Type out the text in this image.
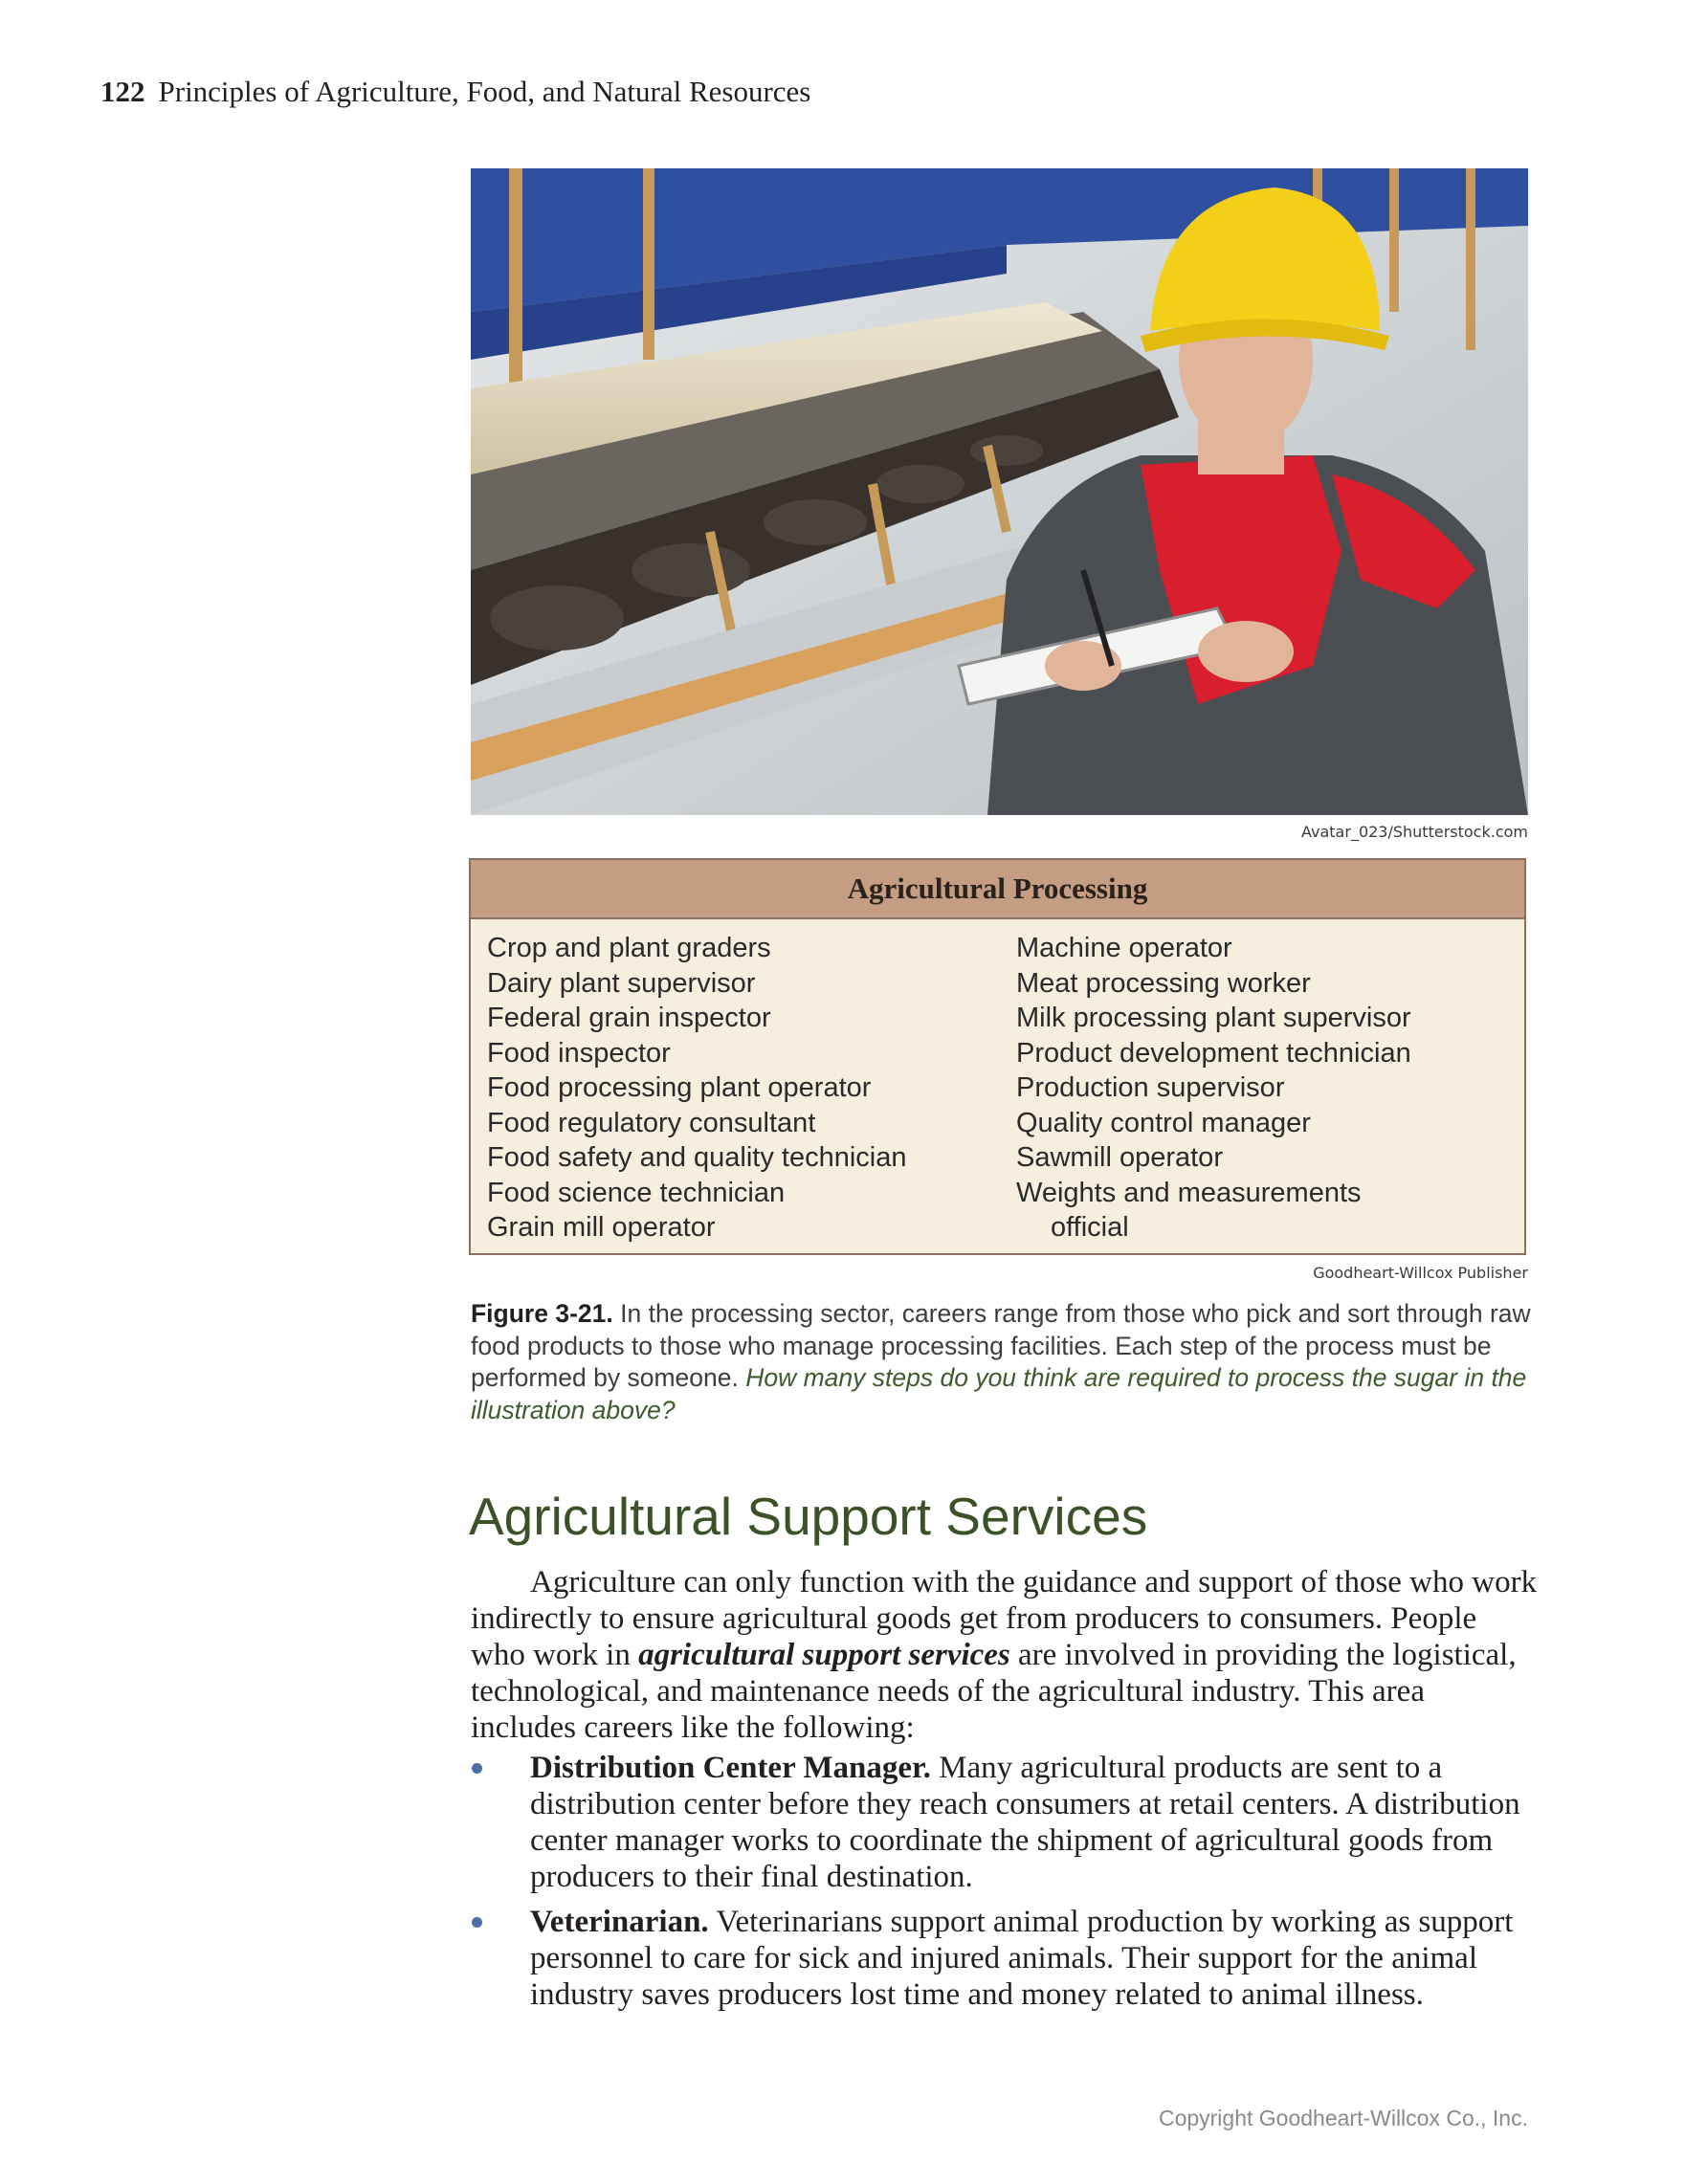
122 Principles of Agriculture, Food, and Natural Resources
Avatar_023/Shutterstock.com
Agricultural Processing
Crop and plant graders
Dairy plant supervisor
Federal grain inspector
Food inspector
Food processing plant operator
Food regulatory consultant
Food safety and quality technician
Food science technician
Grain mill operator
Machine operator
Meat processing worker
Milk processing plant supervisor
Product development technician
Production supervisor
Quality control manager
Sawmill operator
Weights and measurements
official
Goodheart-Willcox Publisher
Figure 3-21. In the processing sector, careers range from those who pick and sort through raw food products to those who manage processing facilities. Each step of the process must be performed by someone. How many steps do you think are required to process the sugar in the illustration above?
Agricultural Support Services

Agriculture can only function with the guidance and support of those who work indirectly to ensure agricultural goods get from producers to consumers. People who work in agricultural support services are involved in providing the logistical, technological, and maintenance needs of the agricultural industry. This area includes careers like the following:

Distribution Center Manager. Many agricultural products are sent to a distribution center before they reach consumers at retail centers. A distribution center manager works to coordinate the shipment of agricultural goods from producers to their final destination.
Veterinarian. Veterinarians support animal production by working as support personnel to care for sick and injured animals. Their support for the animal industry saves producers lost time and money related to animal illness.
Copyright Goodheart-Willcox Co., Inc.
